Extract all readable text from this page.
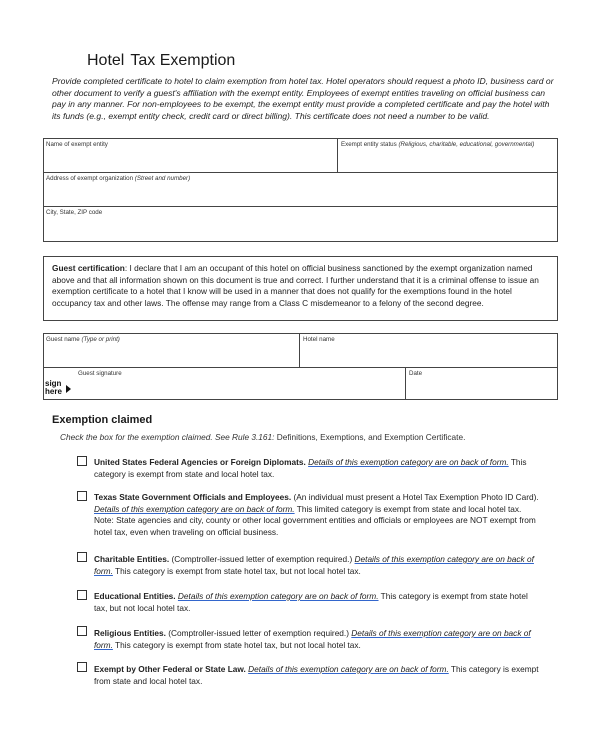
Hotel Tax Exemption
Provide completed certificate to hotel to claim exemption from hotel tax. Hotel operators should request a photo ID, business card or other document to verify a guest's affiliation with the exempt entity. Employees of exempt entities traveling on official business can pay in any manner. For non-employees to be exempt, the exempt entity must provide a completed certificate and pay the hotel with its funds (e.g., exempt entity check, credit card or direct billing). This certificate does not need a number to be valid.
Name of exempt entity	Exempt entity status (Religious, charitable, educational, governmental)
Address of exempt organization (Street and number)
City, State, ZIP code
Guest certification: I declare that I am an occupant of this hotel on official business sanctioned by the exempt organization named above and that all information shown on this document is true and correct. I further understand that it is a criminal offense to issue an exemption certificate to a hotel that I know will be used in a manner that does not qualify for the exemptions found in the hotel occupancy tax and other laws. The offense may range from a Class C misdemeanor to a felony of the second degree.
Guest name (Type or print)	Hotel name
Guest signature	Date
sign
here
Exemption claimed
Check the box for the exemption claimed. See Rule 3.161: Definitions, Exemptions, and Exemption Certificate.
United States Federal Agencies or Foreign Diplomats. Details of this exemption category are on back of form. This category is exempt from state and local hotel tax.
Texas State Government Officials and Employees. (An individual must present a Hotel Tax Exemption Photo ID Card). Details of this exemption category are on back of form. This limited category is exempt from state and local hotel tax. Note: State agencies and city, county or other local government entities and officials or employees are NOT exempt from hotel tax, even when traveling on official business.
Charitable Entities. (Comptroller-issued letter of exemption required.) Details of this exemption category are on back of form. This category is exempt from state hotel tax, but not local hotel tax.
Educational Entities. Details of this exemption category are on back of form. This category is exempt from state hotel tax, but not local hotel tax.
Religious Entities. (Comptroller-issued letter of exemption required.) Details of this exemption category are on back of form. This category is exempt from state hotel tax, but not local hotel tax.
Exempt by Other Federal or State Law. Details of this exemption category are on back of form. This category is exempt from state and local hotel tax.
